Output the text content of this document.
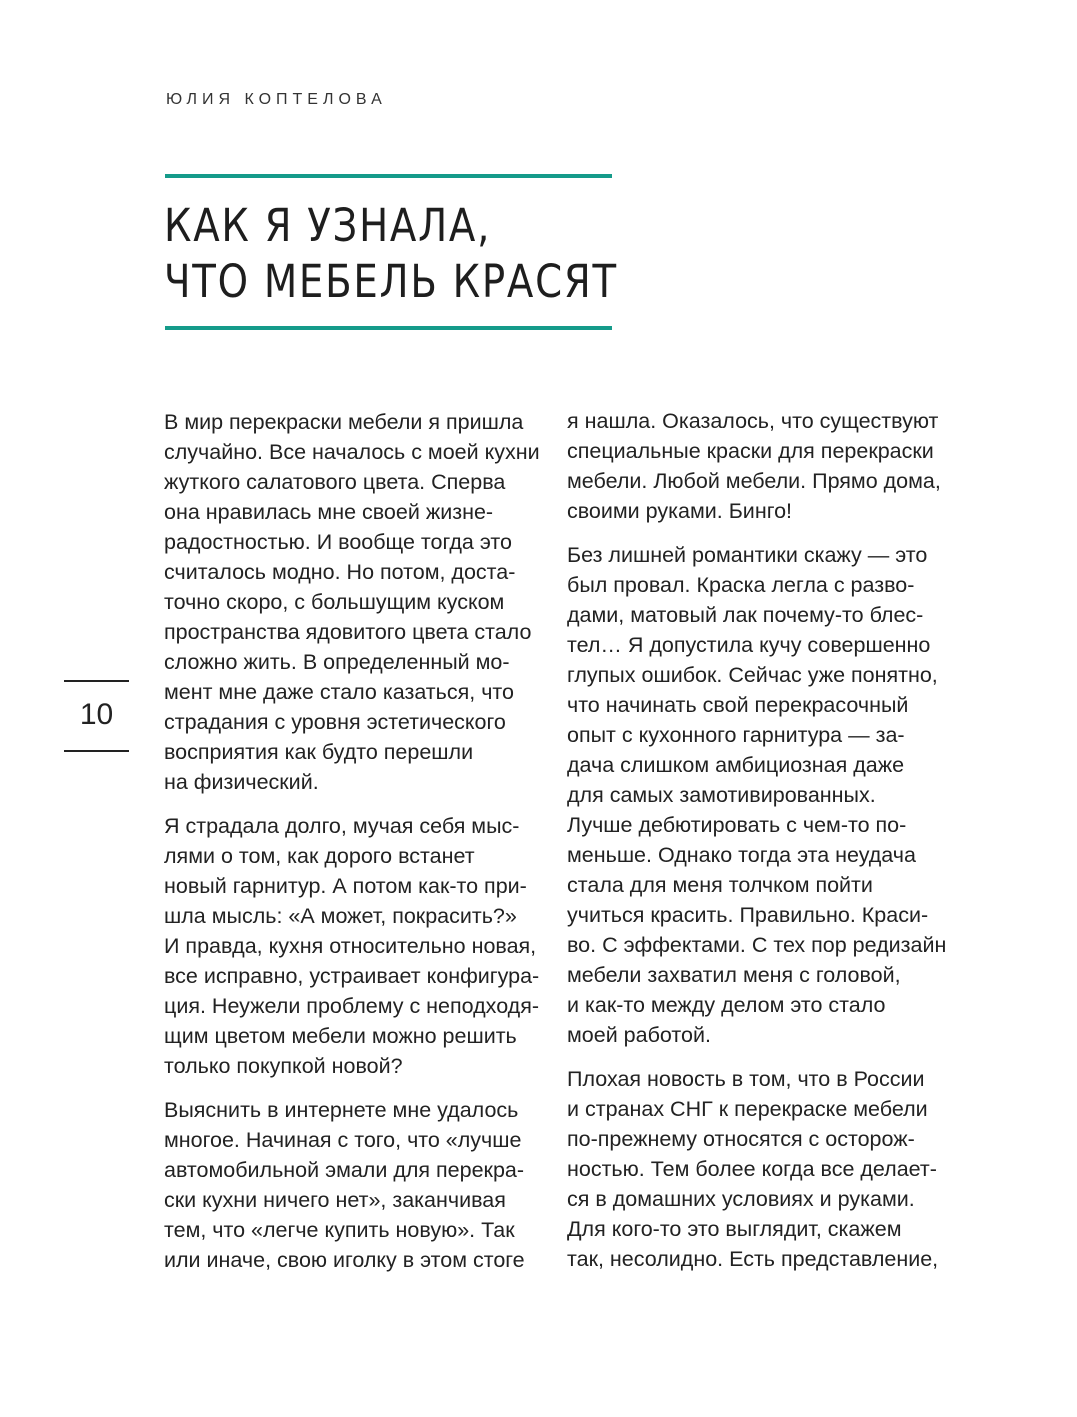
ЮЛИЯ КОПТЕЛОВА
КАК Я УЗНАЛА,
ЧТО МЕБЕЛЬ КРАСЯТ
10

В мир перекраски мебели я пришла
случайно. Все началось с моей кухни
жуткого салатового цвета. Сперва
она нравилась мне своей жизне-
радостностью. И вообще тогда это
считалось модно. Но потом, доста-
точно скоро, с большущим куском
пространства ядовитого цвета стало
сложно жить. В определенный мо-
мент мне даже стало казаться, что
страдания с уровня эстетического
восприятия как будто перешли
на физический.

Я страдала долго, мучая себя мыс-
лями о том, как дорого встанет
новый гарнитур. А потом как-то при-
шла мысль: «А может, покрасить?»
И правда, кухня относительно новая,
все исправно, устраивает конфигура-
ция. Неужели проблему с неподходя-
щим цветом мебели можно решить
только покупкой новой?

Выяснить в интернете мне удалось
многое. Начиная с того, что «лучше
автомобильной эмали для перекра-
ски кухни ничего нет», заканчивая
тем, что «легче купить новую». Так
или иначе, свою иголку в этом стоге

я нашла. Оказалось, что существуют
специальные краски для перекраски
мебели. Любой мебели. Прямо дома,
своими руками. Бинго!

Без лишней романтики скажу — это
был провал. Краска легла с разво-
дами, матовый лак почему-то блес-
тел… Я допустила кучу совершенно
глупых ошибок. Сейчас уже понятно,
что начинать свой перекрасочный
опыт с кухонного гарнитура — за-
дача слишком амбициозная даже
для самых замотивированных.
Лучше дебютировать с чем-то по-
меньше. Однако тогда эта неудача
стала для меня толчком пойти
учиться красить. Правильно. Краси-
во. С эффектами. С тех пор редизайн
мебели захватил меня с головой,
и как-то между делом это стало
моей работой.

Плохая новость в том, что в России
и странах СНГ к перекраске мебели
по-прежнему относятся с осторож-
ностью. Тем более когда все делает-
ся в домашних условиях и руками.
Для кого-то это выглядит, скажем
так, несолидно. Есть представление,
